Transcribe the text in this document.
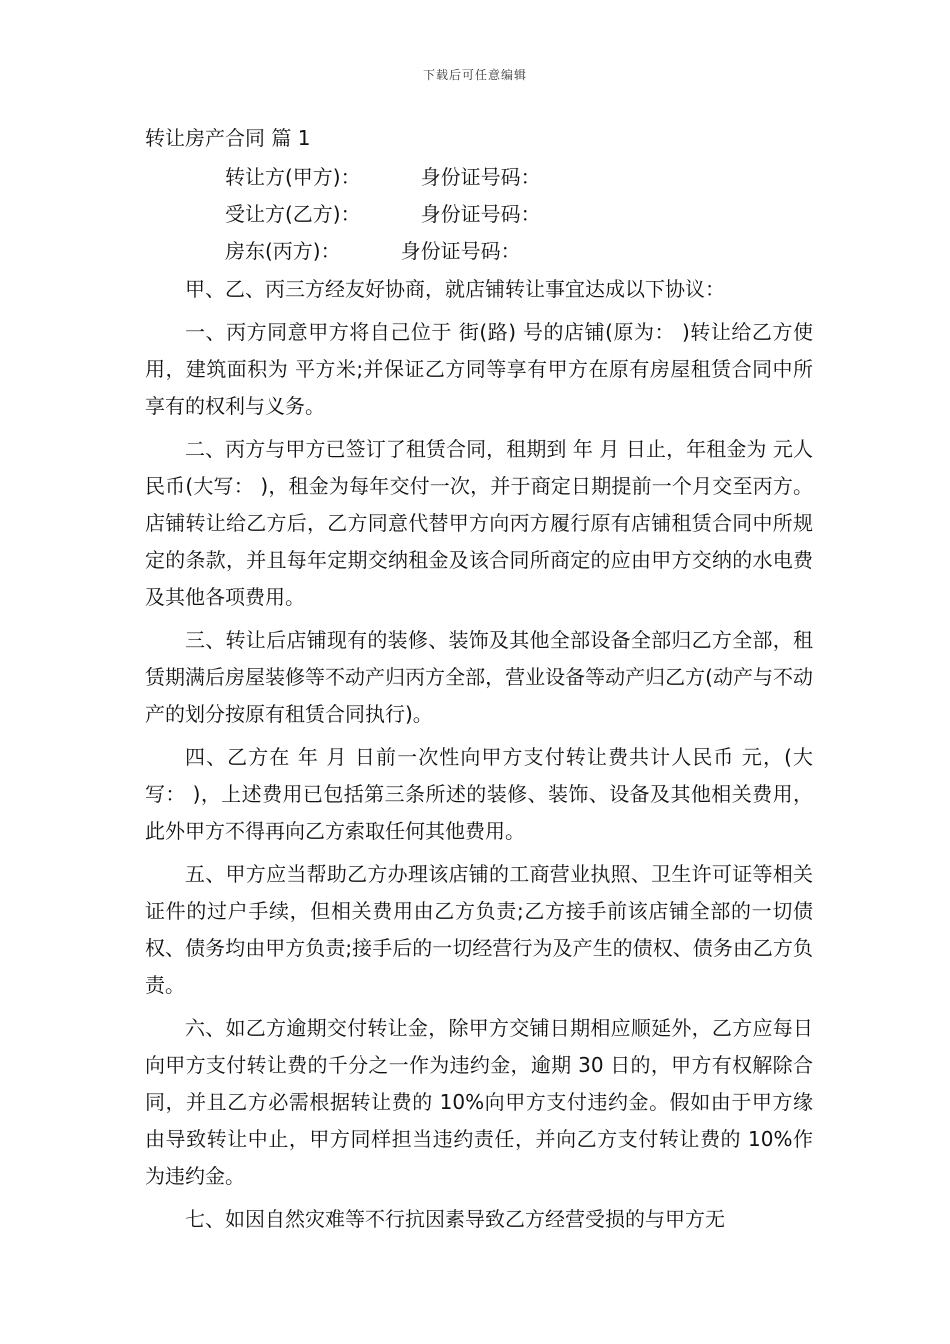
下载后可任意编辑
转让房产合同 篇 1

转让方(甲方)：	身份证号码：

受让方(乙方)：	身份证号码：

房东(丙方)：	身份证号码：

甲、乙、丙三方经友好协商，就店铺转让事宜达成以下协议：

一、丙方同意甲方将自己位于 街(路) 号的店铺(原为： )转让给乙方使用，建筑面积为 平方米;并保证乙方同等享有甲方在原有房屋租赁合同中所享有的权利与义务。

二、丙方与甲方已签订了租赁合同，租期到 年 月 日止，年租金为 元人民币(大写： )，租金为每年交付一次，并于商定日期提前一个月交至丙方。店铺转让给乙方后，乙方同意代替甲方向丙方履行原有店铺租赁合同中所规定的条款，并且每年定期交纳租金及该合同所商定的应由甲方交纳的水电费及其他各项费用。

三、转让后店铺现有的装修、装饰及其他全部设备全部归乙方全部，租赁期满后房屋装修等不动产归丙方全部，营业设备等动产归乙方(动产与不动产的划分按原有租赁合同执行)。

四、乙方在 年 月 日前一次性向甲方支付转让费共计人民币 元，(大写： )，上述费用已包括第三条所述的装修、装饰、设备及其他相关费用，此外甲方不得再向乙方索取任何其他费用。

五、甲方应当帮助乙方办理该店铺的工商营业执照、卫生许可证等相关证件的过户手续，但相关费用由乙方负责;乙方接手前该店铺全部的一切债权、债务均由甲方负责;接手后的一切经营行为及产生的债权、债务由乙方负责。

六、如乙方逾期交付转让金，除甲方交铺日期相应顺延外，乙方应每日向甲方支付转让费的千分之一作为违约金，逾期 30 日的，甲方有权解除合同，并且乙方必需根据转让费的 10%向甲方支付违约金。假如由于甲方缘由导致转让中止，甲方同样担当违约责任，并向乙方支付转让费的 10%作为违约金。

七、如因自然灾难等不行抗因素导致乙方经营受损的与甲方无
